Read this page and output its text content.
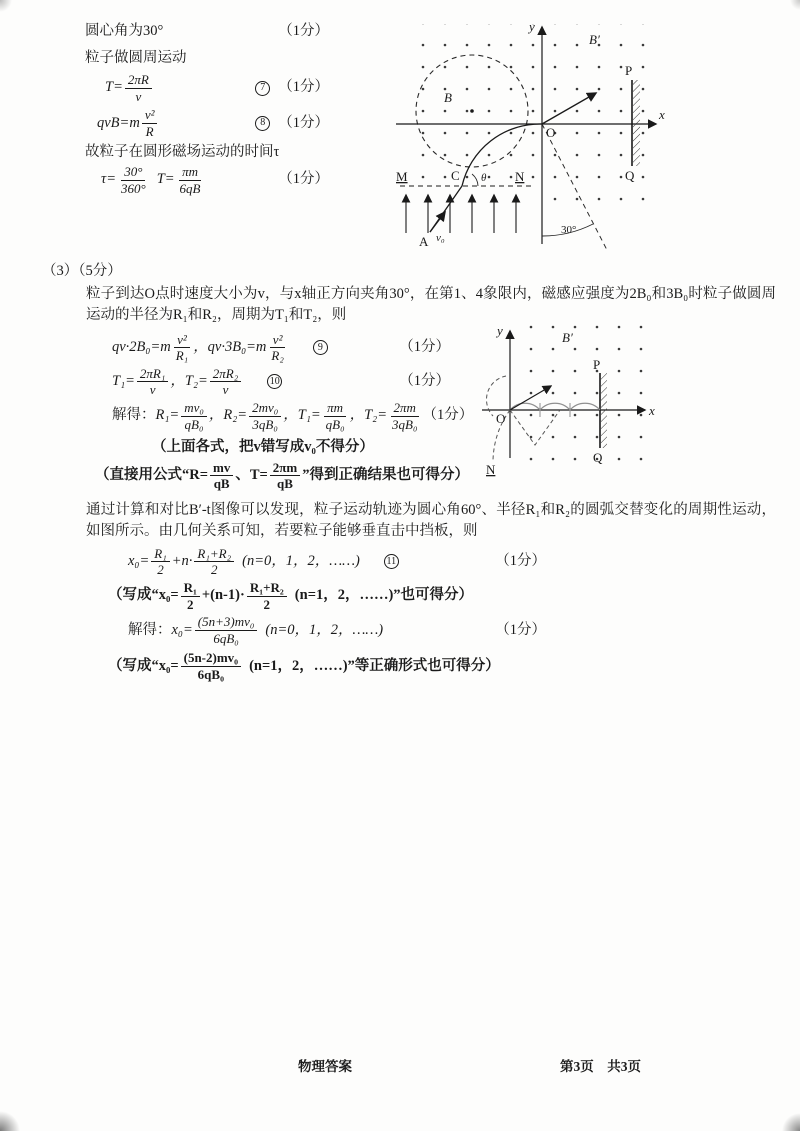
圆心角为30°	（1分）
粒子做圆周运动
$T= \frac{2\pi R}{v}$	7 （1分）
$qvB=m \frac{\text{v²}}{R}$	8 （1分）
故粒子在圆形磁场运动的时间τ
$\tau= \frac{30^\circ}{360^\circ} T= \frac{\pi m}{6qB}$	（1分）
y
x
O
B
B′
P
Q
M	N
C θ
A v₀
30°
（3）（5分）

粒子到达O点时速度大小为v，与x轴正方向夹角30°，在第1、4象限内，磁感应强度为2B₀和3B₀时粒子做圆周运动的半径为R₁和R₂，周期为T₁和T₂，则

$qv\cdot 2B_0=m \frac{\text{v²}}{\text{R₁}}$ ，$qv\cdot 3B_0=m \frac{\text{v²}}{\text{R₂}}$	9	（1分）
$T_1= \frac{\text{2πR₁}}{v}$ ，$T_2= \frac{\text{2πR₂}}{v}$	10	（1分）
解得： $R_1= \frac{\text{mv₀}}{\text{qB₀}}$ ，$R_2= \frac{\text{2mv₀}}{\text{3qB₀}}$ ，$T_1= \frac{\pi m}{\text{qB₀}}$ ，$T_2= \frac{2\pi m}{\text{3qB₀}} (1$分）
（上面各式，把v错写成v₀不得分）
（直接用公式“$R= \frac{mv}{qB}$ 、$T= \frac{2\pi m}{qB}$ ”得到正确结果也可得分）

通过计算和对比B′-t图像可以发现，粒子运动轨迹为圆心角60°、半径R₁和R₂的圆弧交替变化的周期性运动，如图所示。由几何关系可知，若要粒子能够垂直击中挡板，则

$x_0= \frac{\text{R₁}}{2} +n\cdot \frac{\text{R₁+R₂}}{2} (n=0$，1，2，……)	11	（1分）
（写成“$x_0= \frac{\text{R₁}}{2} +(n-1)\cdot \frac{\text{R₁+R₂}}{2} (n=1$，2，……)”也可得分）
解得： $x_0= \frac{\text{(5n+3)mv₀}}{\text{6qB₀}} (n=0$，1，2，……)	（1分）
（写成“$x_0= \frac{\text{(5n-2)mv₀}}{\text{6qB₀}} (n=1$，2，……)”等正确形式也可得分）
y
x
O
B′
P
Q
N
物理答案	第3页　共3页
